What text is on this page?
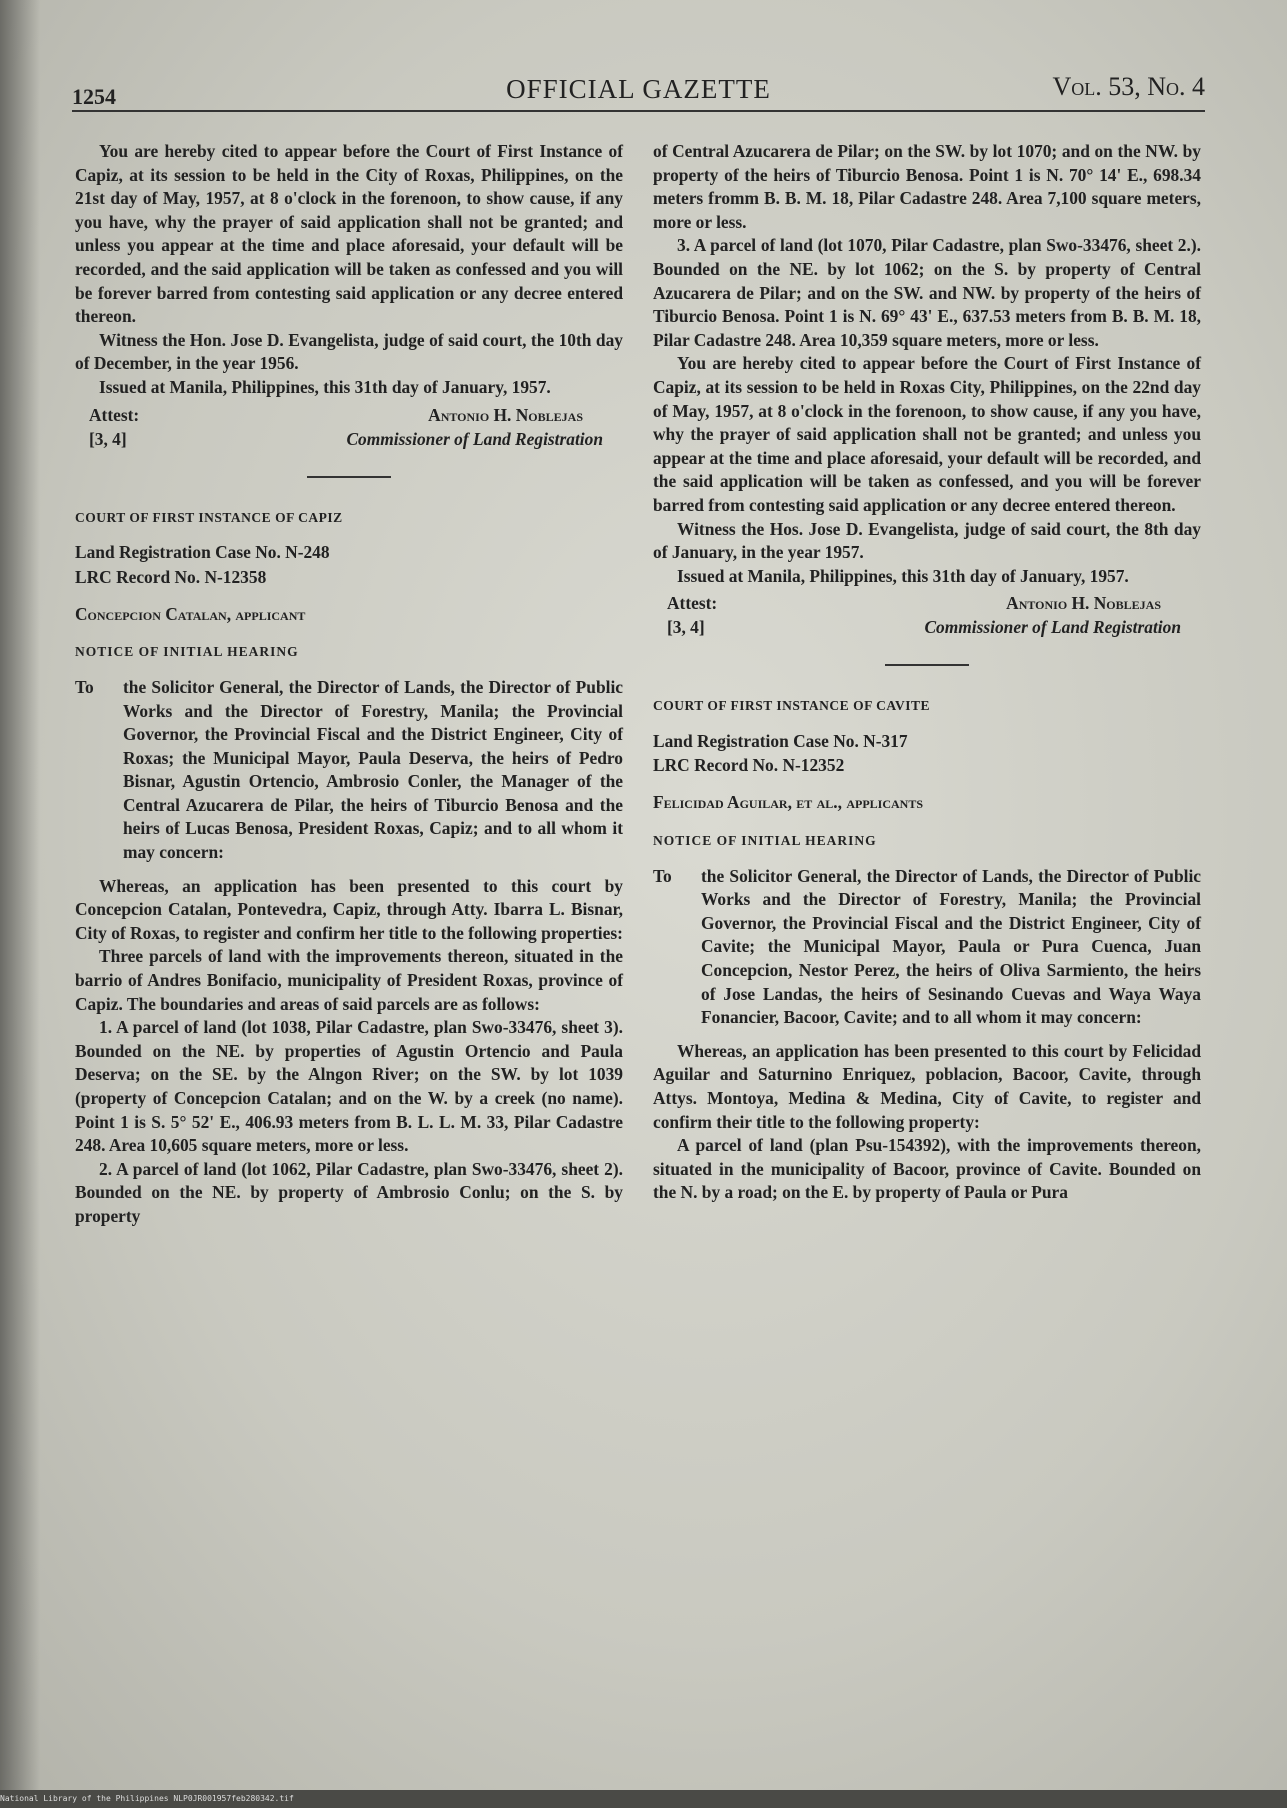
1254	OFFICIAL GAZETTE	Vol. 53, No. 4

You are hereby cited to appear before the Court of First Instance of Capiz, at its session to be held in the City of Roxas, Philippines, on the 21st day of May, 1957, at 8 o'clock in the forenoon, to show cause, if any you have, why the prayer of said application shall not be granted; and unless you appear at the time and place aforesaid, your default will be recorded, and the said application will be taken as confessed and you will be forever barred from contesting said application or any decree entered thereon.

Witness the Hon. Jose D. Evangelista, judge of said court, the 10th day of December, in the year 1956.

Issued at Manila, Philippines, this 31th day of January, 1957.

Attest:
[3, 4]
Antonio H. Noblejas
Commissioner of Land Registration

COURT OF FIRST INSTANCE OF CAPIZ

Land Registration Case No. N-248

LRC Record No. N-12358

Concepcion Catalan, applicant

NOTICE OF INITIAL HEARING

To the Solicitor General, the Director of Lands, the Director of Public Works and the Director of Forestry, Manila; the Provincial Governor, the Provincial Fiscal and the District Engineer, City of Roxas; the Municipal Mayor, Paula Deserva, the heirs of Pedro Bisnar, Agustin Ortencio, Ambrosio Conler, the Manager of the Central Azucarera de Pilar, the heirs of Tiburcio Benosa and the heirs of Lucas Benosa, President Roxas, Capiz; and to all whom it may concern:

Whereas, an application has been presented to this court by Concepcion Catalan, Pontevedra, Capiz, through Atty. Ibarra L. Bisnar, City of Roxas, to register and confirm her title to the following properties:

Three parcels of land with the improvements thereon, situated in the barrio of Andres Bonifacio, municipality of President Roxas, province of Capiz. The boundaries and areas of said parcels are as follows:

1. A parcel of land (lot 1038, Pilar Cadastre, plan Swo-33476, sheet 3). Bounded on the NE. by properties of Agustin Ortencio and Paula Deserva; on the SE. by the Alngon River; on the SW. by lot 1039 (property of Concepcion Catalan; and on the W. by a creek (no name). Point 1 is S. 5° 52' E., 406.93 meters from B. L. L. M. 33, Pilar Cadastre 248. Area 10,605 square meters, more or less.

2. A parcel of land (lot 1062, Pilar Cadastre, plan Swo-33476, sheet 2). Bounded on the NE. by property of Ambrosio Conlu; on the S. by property

of Central Azucarera de Pilar; on the SW. by lot 1070; and on the NW. by property of the heirs of Tiburcio Benosa. Point 1 is N. 70° 14' E., 698.34 meters fromm B. B. M. 18, Pilar Cadastre 248. Area 7,100 square meters, more or less.

3. A parcel of land (lot 1070, Pilar Cadastre, plan Swo-33476, sheet 2.). Bounded on the NE. by lot 1062; on the S. by property of Central Azucarera de Pilar; and on the SW. and NW. by property of the heirs of Tiburcio Benosa. Point 1 is N. 69° 43' E., 637.53 meters from B. B. M. 18, Pilar Cadastre 248. Area 10,359 square meters, more or less.

You are hereby cited to appear before the Court of First Instance of Capiz, at its session to be held in Roxas City, Philippines, on the 22nd day of May, 1957, at 8 o'clock in the forenoon, to show cause, if any you have, why the prayer of said application shall not be granted; and unless you appear at the time and place aforesaid, your default will be recorded, and the said application will be taken as confessed, and you will be forever barred from contesting said application or any decree entered thereon.

Witness the Hos. Jose D. Evangelista, judge of said court, the 8th day of January, in the year 1957.

Issued at Manila, Philippines, this 31th day of January, 1957.

Attest:
[3, 4]
Antonio H. Noblejas
Commissioner of Land Registration

COURT OF FIRST INSTANCE OF CAVITE

Land Registration Case No. N-317

LRC Record No. N-12352

Felicidad Aguilar, et al., applicants

NOTICE OF INITIAL HEARING

To the Solicitor General, the Director of Lands, the Director of Public Works and the Director of Forestry, Manila; the Provincial Governor, the Provincial Fiscal and the District Engineer, City of Cavite; the Municipal Mayor, Paula or Pura Cuenca, Juan Concepcion, Nestor Perez, the heirs of Oliva Sarmiento, the heirs of Jose Landas, the heirs of Sesinando Cuevas and Waya Waya Fonancier, Bacoor, Cavite; and to all whom it may concern:

Whereas, an application has been presented to this court by Felicidad Aguilar and Saturnino Enriquez, poblacion, Bacoor, Cavite, through Attys. Montoya, Medina & Medina, City of Cavite, to register and confirm their title to the following property:

A parcel of land (plan Psu-154392), with the improvements thereon, situated in the municipality of Bacoor, province of Cavite. Bounded on the N. by a road; on the E. by property of Paula or Pura

National Library of the Philippines NLP0JR001957feb280342.tif
